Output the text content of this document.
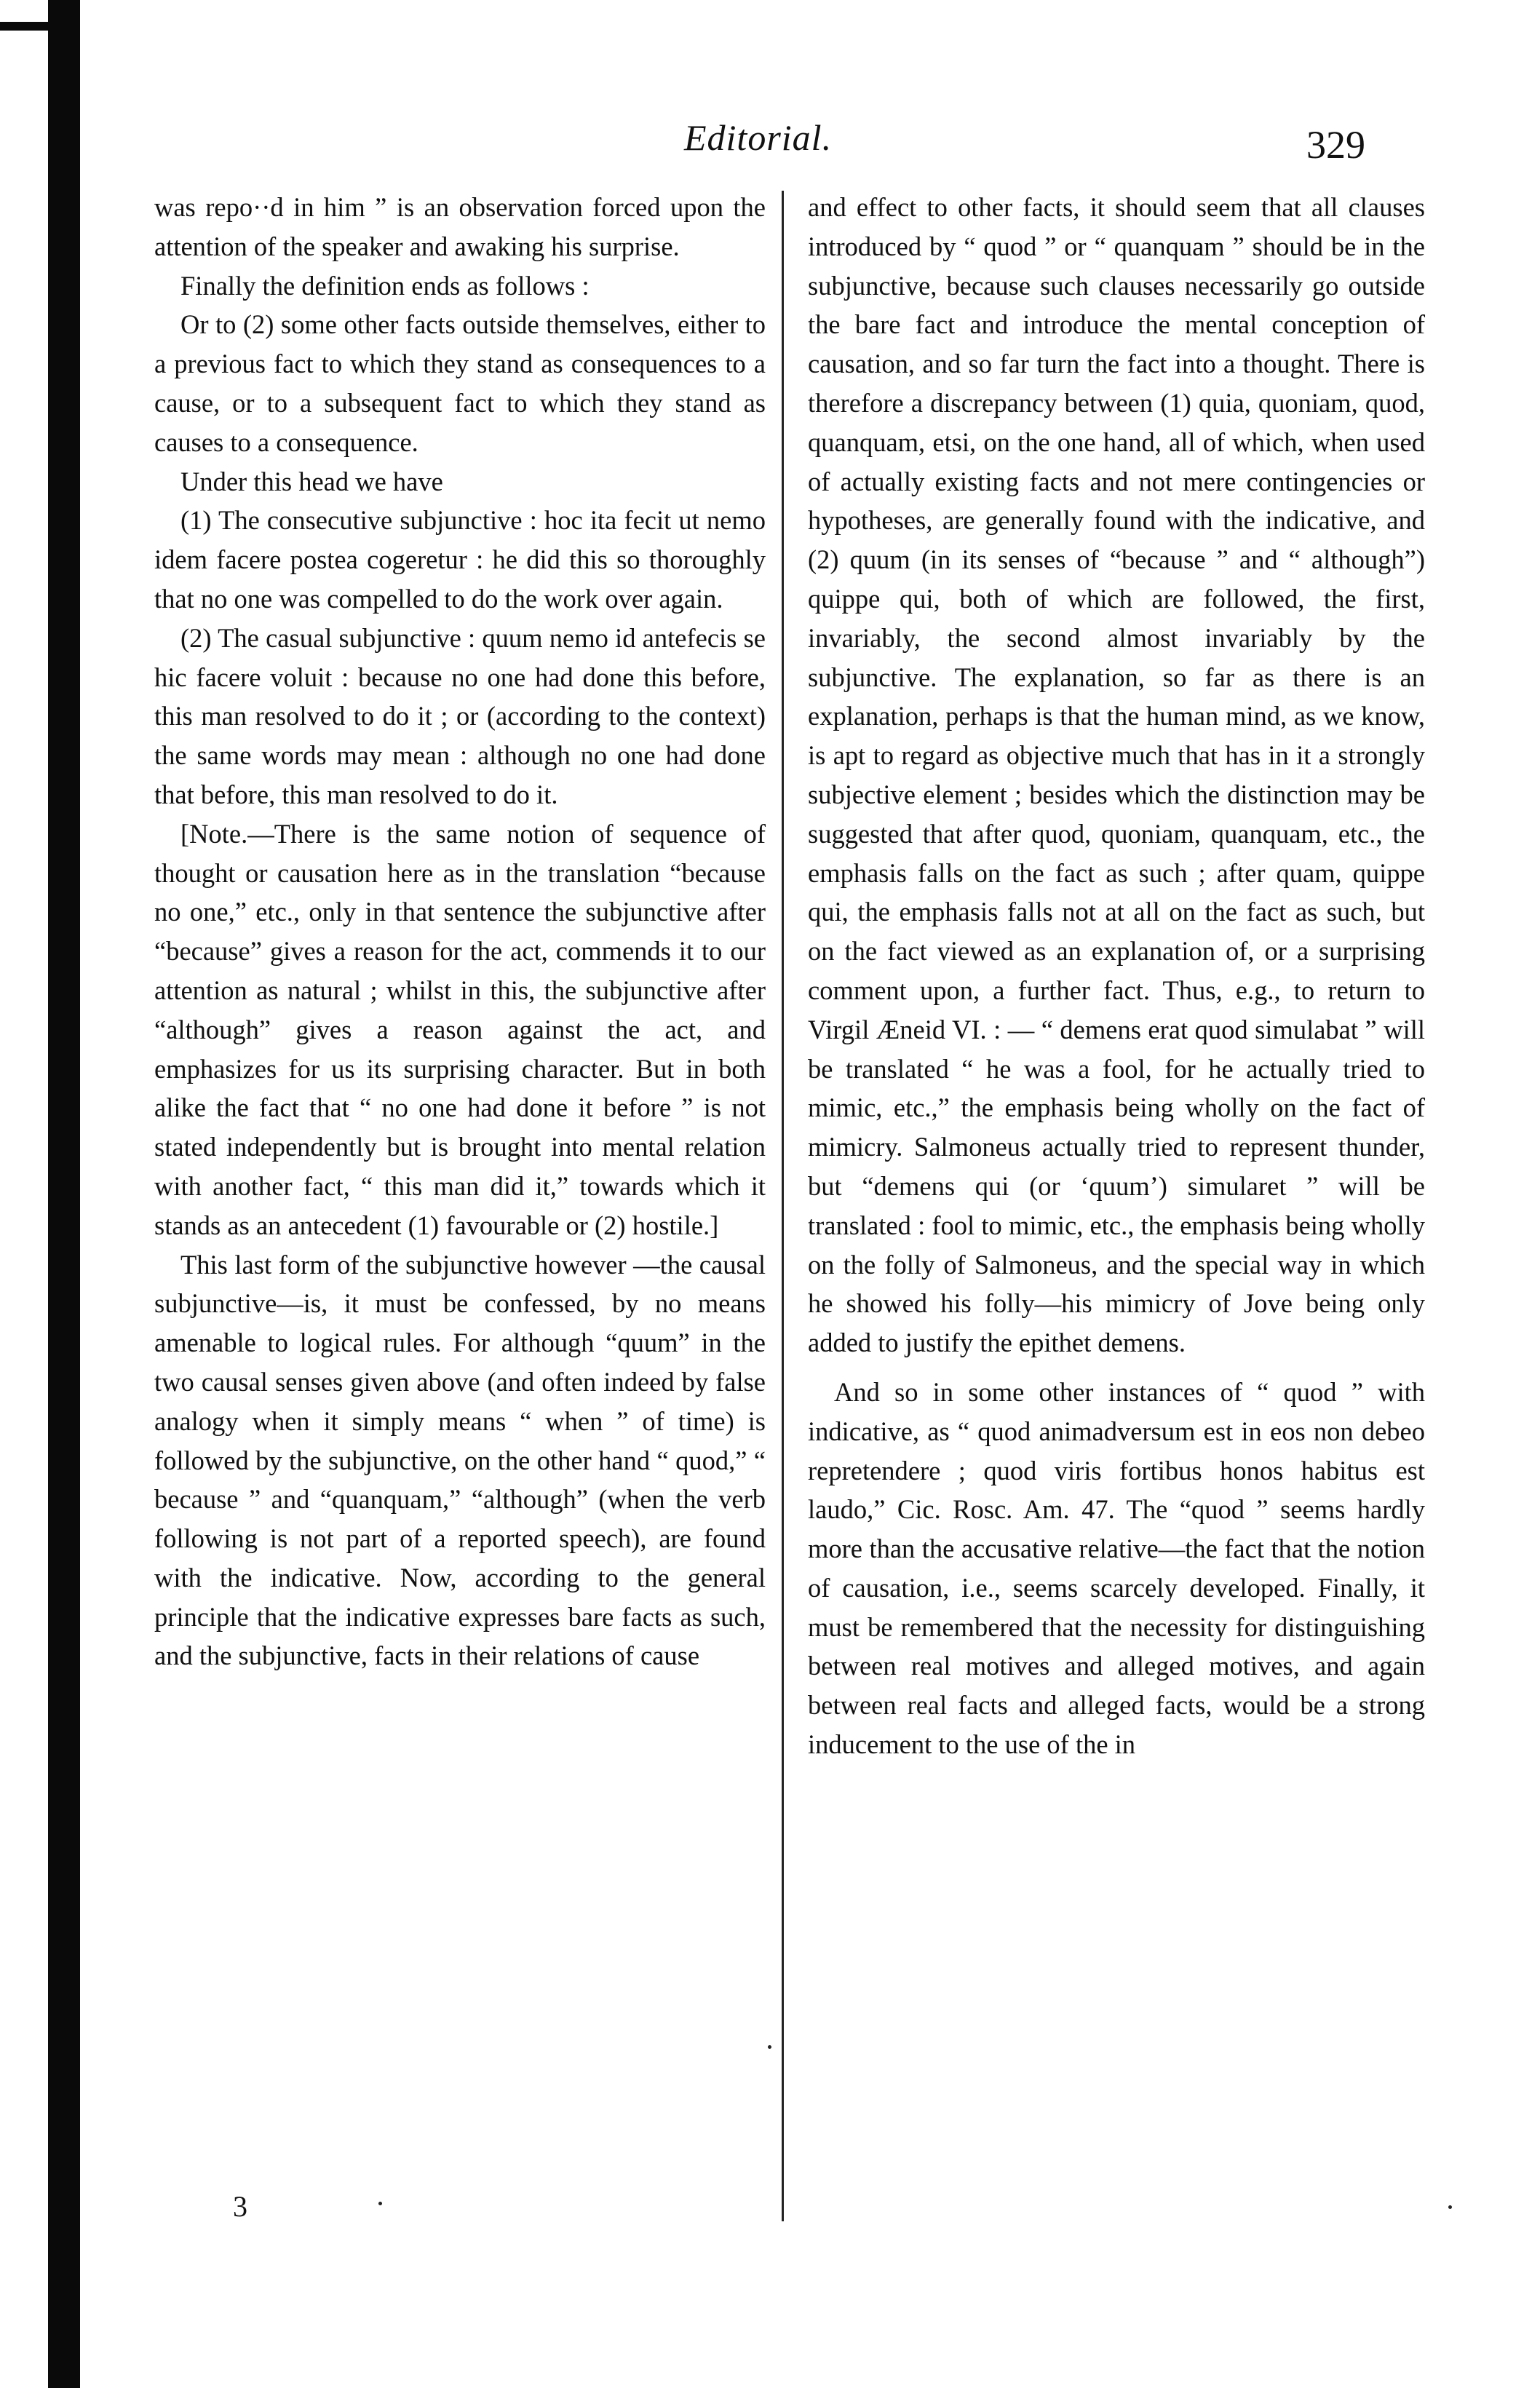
Editorial.	329

was repo··d in him ” is an observation forced upon the attention of the speaker and awaking his surprise.

Finally the definition ends as follows :

Or to (2) some other facts outside themselves, either to a previous fact to which they stand as consequences to a cause, or to a subsequent fact to which they stand as causes to a consequence.

Under this head we have

(1) The consecutive subjunctive : hoc ita fecit ut nemo idem facere postea cogeretur : he did this so thoroughly that no one was compelled to do the work over again.

(2) The casual subjunctive : quum nemo id antefecis se hic facere voluit : because no one had done this before, this man resolved to do it ; or (according to the context) the same words may mean : although no one had done that before, this man resolved to do it.

[Note.—There is the same notion of sequence of thought or causation here as in the translation “because no one,” etc., only in that sentence the subjunctive after “because” gives a reason for the act, commends it to our attention as natural ; whilst in this, the subjunctive after “although” gives a reason against the act, and emphasizes for us its surprising character. But in both alike the fact that “ no one had done it before ” is not stated independently but is brought into mental relation with another fact, “ this man did it,” towards which it stands as an antecedent (1) favourable or (2) hostile.]

This last form of the subjunctive however —the causal subjunctive—is, it must be confessed, by no means amenable to logical rules. For although “quum” in the two causal senses given above (and often indeed by false analogy when it simply means “ when ” of time) is followed by the subjunctive, on the other hand “ quod,” “ because ” and “quanquam,” “although” (when the verb following is not part of a reported speech), are found with the indicative. Now, according to the general principle that the indicative expresses bare facts as such, and the subjunctive, facts in their relations of cause

and effect to other facts, it should seem that all clauses introduced by “ quod ” or “ quanquam ” should be in the subjunctive, because such clauses necessarily go outside the bare fact and introduce the mental conception of causation, and so far turn the fact into a thought. There is therefore a discrepancy between (1) quia, quoniam, quod, quanquam, etsi, on the one hand, all of which, when used of actually existing facts and not mere contingencies or hypotheses, are generally found with the indicative, and (2) quum (in its senses of “because ” and “ although”) quippe qui, both of which are followed, the first, invariably, the second almost invariably by the subjunctive. The explanation, so far as there is an explanation, perhaps is that the human mind, as we know, is apt to regard as objective much that has in it a strongly subjective element ; besides which the distinction may be suggested that after quod, quoniam, quanquam, etc., the emphasis falls on the fact as such ; after quam, quippe qui, the emphasis falls not at all on the fact as such, but on the fact viewed as an explanation of, or a surprising comment upon, a further fact. Thus, e.g., to return to Virgil Æneid VI. : — “ demens erat quod simulabat ” will be translated “ he was a fool, for he actually tried to mimic, etc.,” the emphasis being wholly on the fact of mimicry. Salmoneus actually tried to represent thunder, but “demens qui (or ‘quum’) simularet ” will be translated : fool to mimic, etc., the emphasis being wholly on the folly of Salmoneus, and the special way in which he showed his folly—his mimicry of Jove being only added to justify the epithet demens.

And so in some other instances of “ quod ” with indicative, as “ quod animadversum est in eos non debeo repretendere ; quod viris fortibus honos habitus est laudo,” Cic. Rosc. Am. 47. The “quod ” seems hardly more than the accusative relative—the fact that the notion of causation, i.e., seems scarcely developed. Finally, it must be remembered that the necessity for distinguishing between real motives and alleged motives, and again between real facts and alleged facts, would be a strong inducement to the use of the in

3
